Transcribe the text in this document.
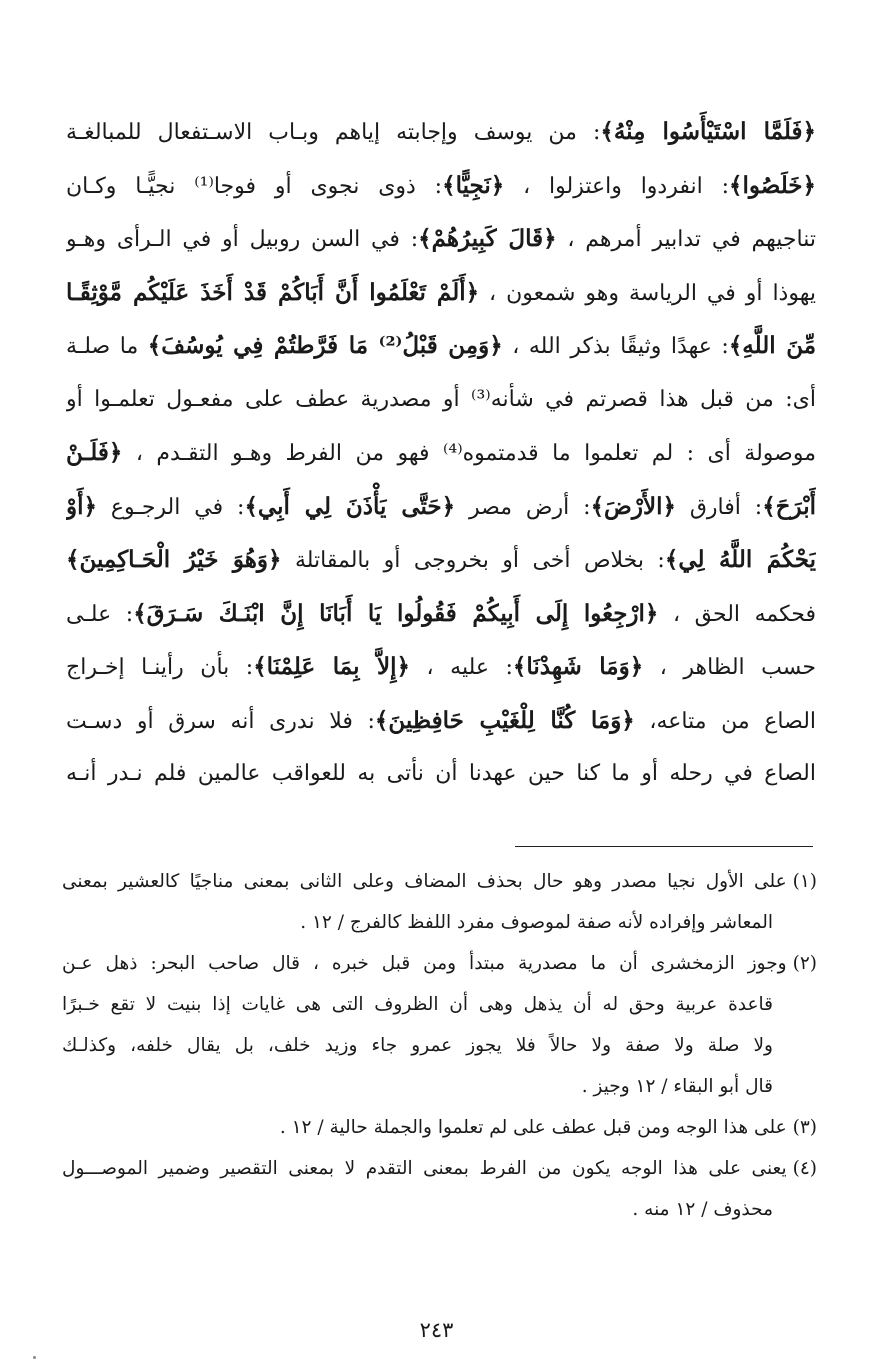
﴿فَلَمَّا اسْتَيْأَسُوا مِنْهُ﴾: من يوسف وإجابته إياهم وبـاب الاسـتفعال للمبالغـة
﴿خَلَصُوا﴾: انفردوا واعتزلوا ، ﴿نَجِيًّا﴾: ذوى نجوى أو فوجا⁽¹⁾ نجيًّـا وكـان
تناجيهم في تدابير أمرهم ، ﴿قَالَ كَبِيرُهُمْ﴾: في السن روبيل أو في الـرأى وهـو
يهوذا أو في الرياسة وهو شمعون ، ﴿أَلَمْ تَعْلَمُوا أَنَّ أَبَاكُمْ قَدْ أَخَذَ عَلَيْكُم مَّوْثِقًـا
مِّنَ اللَّهِ﴾: عهدًا وثيقًا بذكر الله ، ﴿وَمِن قَبْلُ⁽²⁾ مَا فَرَّطتُمْ فِي يُوسُفَ﴾ ما صلـة
أى: من قبل هذا قصرتم في شأنه⁽³⁾ أو مصدرية عطف على مفعـول تعلمـوا أو
موصولة أى : لم تعلموا ما قدمتموه⁽⁴⁾ فهو من الفرط وهـو التقـدم ، ﴿فَلَـنْ
أَبْرَحَ﴾: أفارق ﴿الأَرْضَ﴾: أرض مصر ﴿حَتَّى يَأْذَنَ لِي أَبِي﴾: في الرجـوع ﴿أَوْ
يَحْكُمَ اللَّهُ لِي﴾: بخلاص أخى أو بخروجى أو بالمقاتلة ﴿وَهُوَ خَيْرُ الْحَـاكِمِينَ﴾
فحكمه الحق ، ﴿ارْجِعُوا إِلَى أَبِيكُمْ فَقُولُوا يَا أَبَانَا إِنَّ ابْنَـكَ سَـرَقَ﴾: علـى
حسب الظاهر ، ﴿وَمَا شَهِدْنَا﴾: عليه ، ﴿إِلاَّ بِمَا عَلِمْنَا﴾: بأن رأينـا إخـراج
الصاع من متاعه، ﴿وَمَا كُنَّا لِلْغَيْبِ حَافِظِينَ﴾: فلا ندرى أنه سرق أو دسـت
الصاع في رحله أو ما كنا حين عهدنا أن نأتى به للعواقب عالمين فلم نـدر أنـه
(١)على الأول نجيا مصدر وهو حال بحذف المضاف وعلى الثانى بمعنى مناجيًا كالعشير بمعنى
المعاشر وإفراده لأنه صفة لموصوف مفرد اللفظ كالفرج / ١٢ .
(٢)وجوز الزمخشرى أن ما مصدرية مبتدأ ومن قبل خبره ، قال صاحب البحر: ذهل عـن
قاعدة عربية وحق له أن يذهل وهى أن الظروف التى هى غايات إذا بنيت لا تقع خـبرًا
ولا صلة ولا صفة ولا حالاً فلا يجوز عمرو جاء وزيد خلف، بل يقال خلفه، وكذلـك
قال أبو البقاء / ١٢ وجيز .
(٣)على هذا الوجه ومن قبل عطف على لم تعلموا والجملة حالية / ١٢ .
(٤)يعنى على هذا الوجه يكون من الفرط بمعنى التقدم لا بمعنى التقصير وضمير الموصـــول
محذوف / ١٢ منه .
٢٤٣
